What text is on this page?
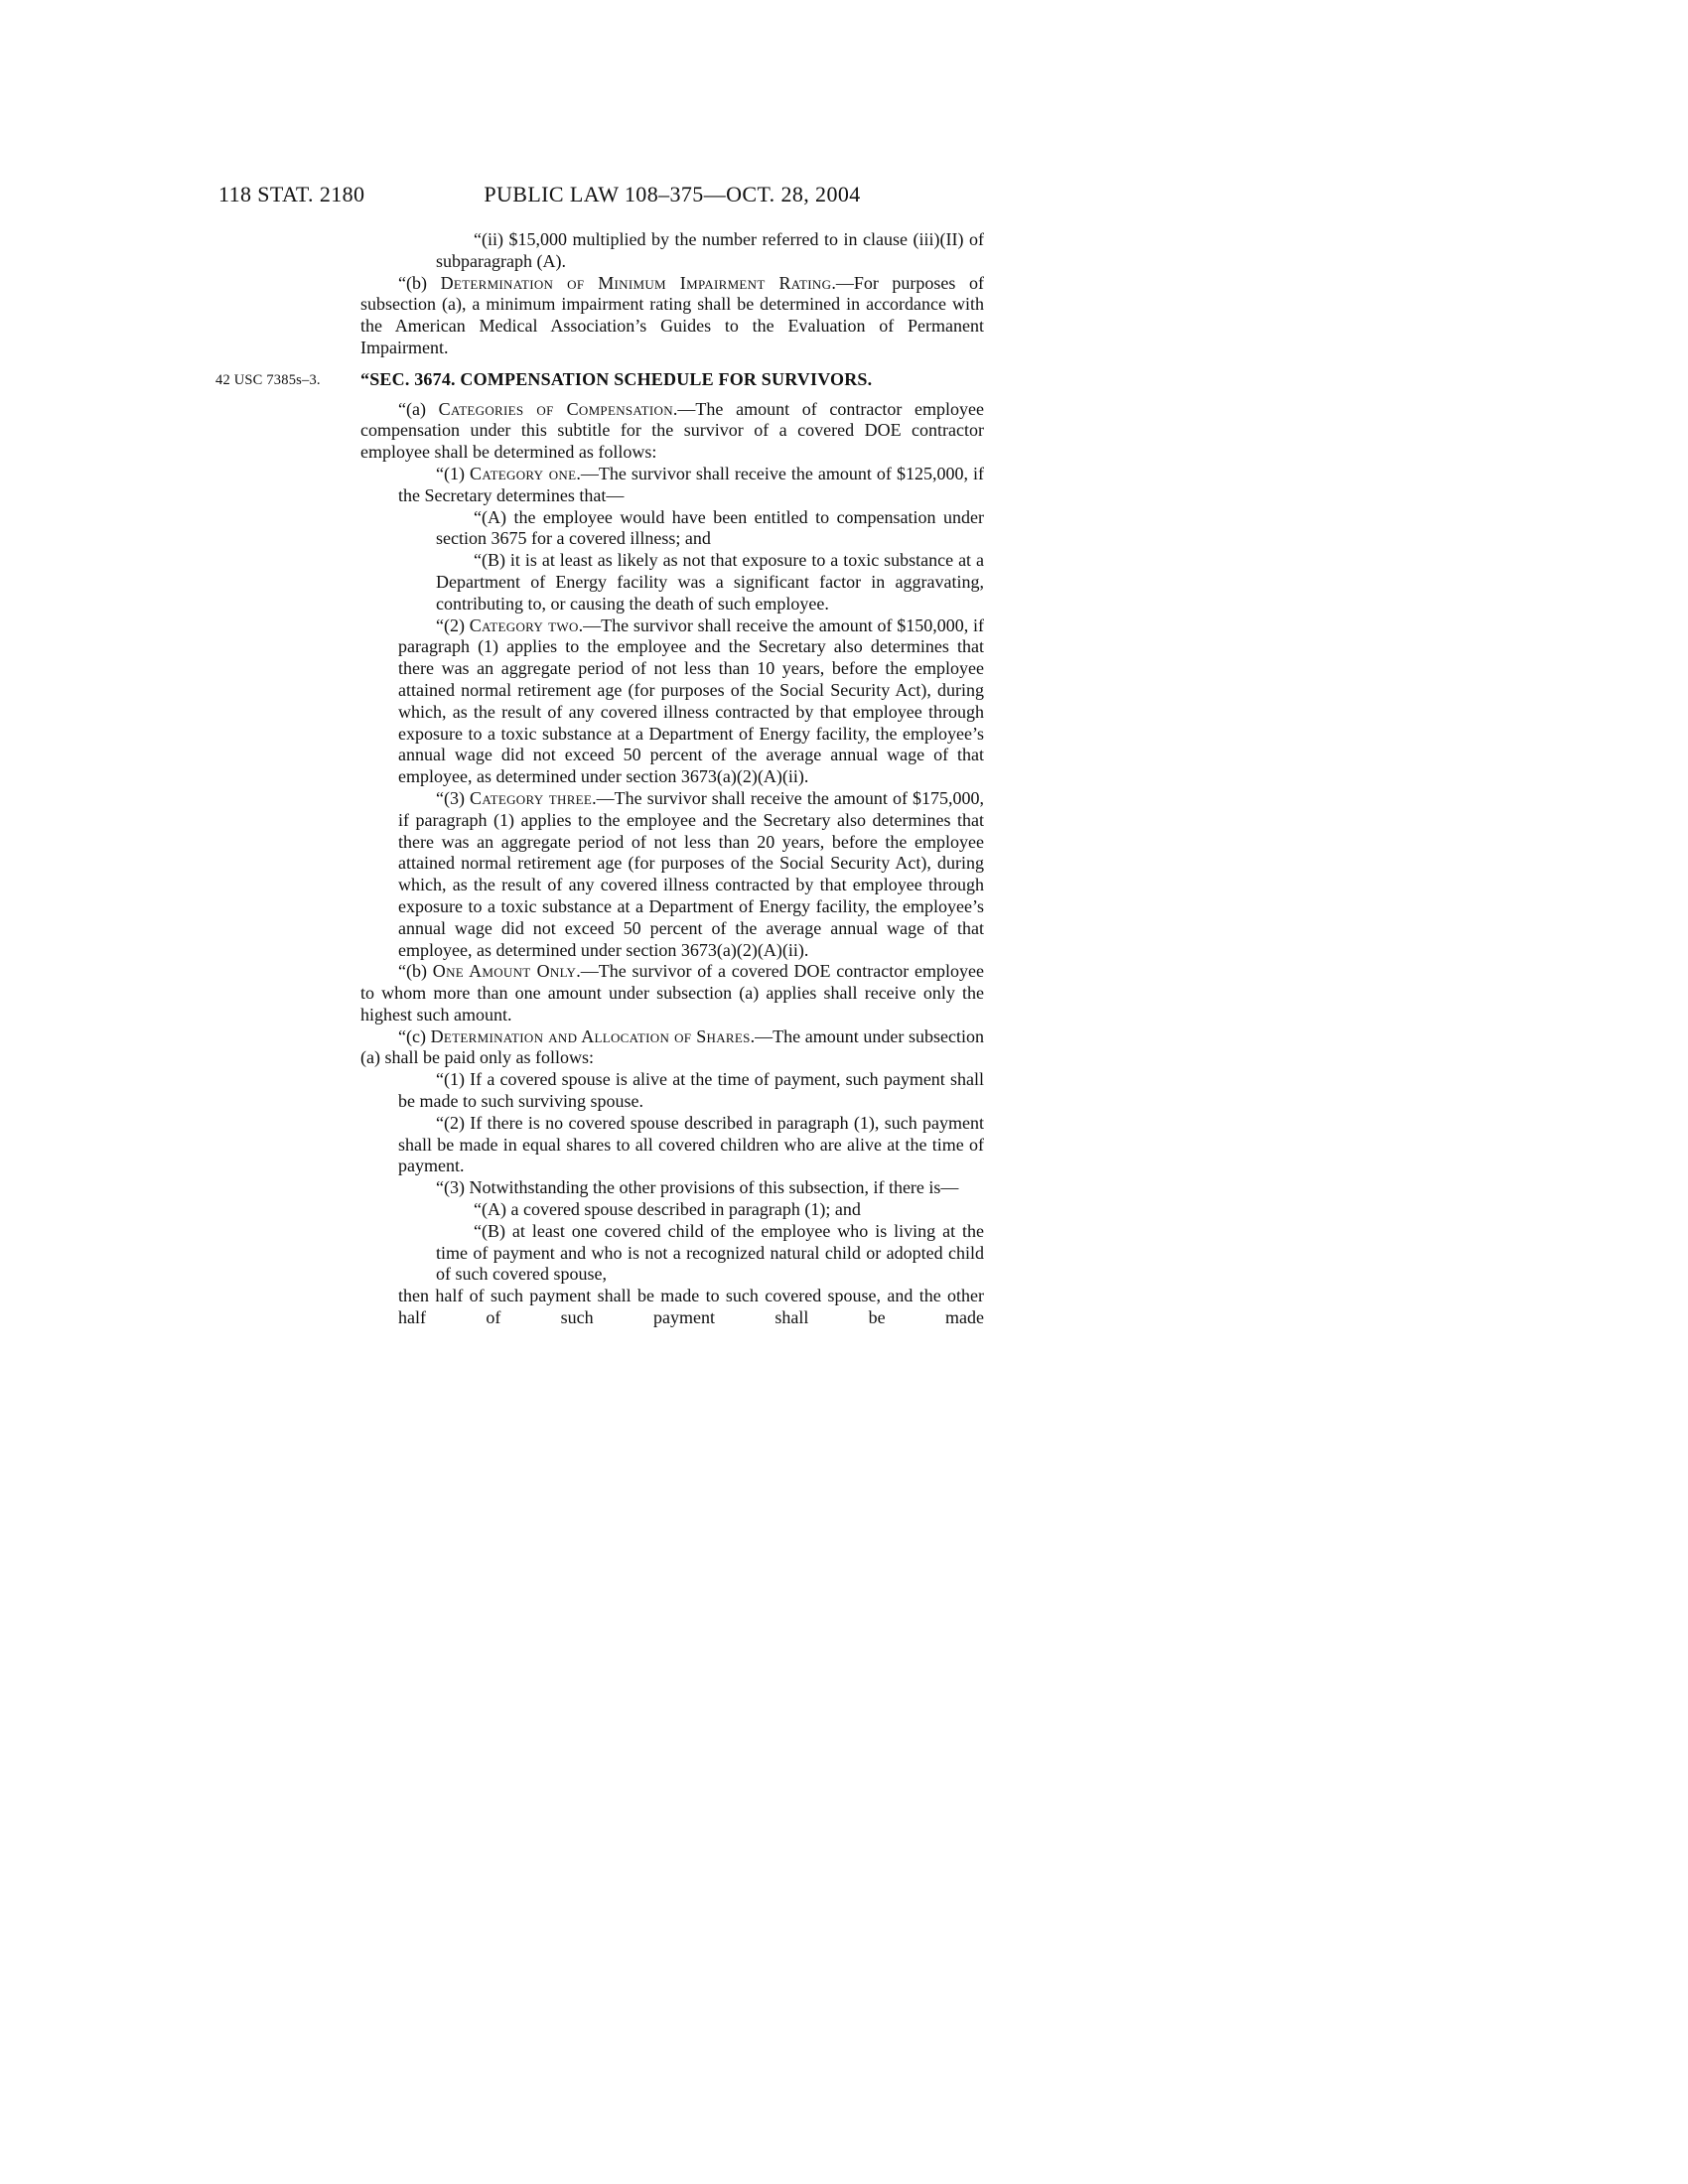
118 STAT. 2180	PUBLIC LAW 108–375—OCT. 28, 2004

“(ii) $15,000 multiplied by the number referred to in clause (iii)(II) of subparagraph (A).

“(b) Determination of Minimum Impairment Rating.—For purposes of subsection (a), a minimum impairment rating shall be determined in accordance with the American Medical Association’s Guides to the Evaluation of Permanent Impairment.

42 USC 7385s–3.	“SEC. 3674. COMPENSATION SCHEDULE FOR SURVIVORS.

“(a) Categories of Compensation.—The amount of contractor employee compensation under this subtitle for the survivor of a covered DOE contractor employee shall be determined as follows:

“(1) Category one.—The survivor shall receive the amount of $125,000, if the Secretary determines that—

“(A) the employee would have been entitled to compensation under section 3675 for a covered illness; and

“(B) it is at least as likely as not that exposure to a toxic substance at a Department of Energy facility was a significant factor in aggravating, contributing to, or causing the death of such employee.

“(2) Category two.—The survivor shall receive the amount of $150,000, if paragraph (1) applies to the employee and the Secretary also determines that there was an aggregate period of not less than 10 years, before the employee attained normal retirement age (for purposes of the Social Security Act), during which, as the result of any covered illness contracted by that employee through exposure to a toxic substance at a Department of Energy facility, the employee’s annual wage did not exceed 50 percent of the average annual wage of that employee, as determined under section 3673(a)(2)(A)(ii).

“(3) Category three.—The survivor shall receive the amount of $175,000, if paragraph (1) applies to the employee and the Secretary also determines that there was an aggregate period of not less than 20 years, before the employee attained normal retirement age (for purposes of the Social Security Act), during which, as the result of any covered illness contracted by that employee through exposure to a toxic substance at a Department of Energy facility, the employee’s annual wage did not exceed 50 percent of the average annual wage of that employee, as determined under section 3673(a)(2)(A)(ii).

“(b) One Amount Only.—The survivor of a covered DOE contractor employee to whom more than one amount under subsection (a) applies shall receive only the highest such amount.

“(c) Determination and Allocation of Shares.—The amount under subsection (a) shall be paid only as follows:

“(1) If a covered spouse is alive at the time of payment, such payment shall be made to such surviving spouse.

“(2) If there is no covered spouse described in paragraph (1), such payment shall be made in equal shares to all covered children who are alive at the time of payment.

“(3) Notwithstanding the other provisions of this subsection, if there is—

“(A) a covered spouse described in paragraph (1); and

“(B) at least one covered child of the employee who is living at the time of payment and who is not a recognized natural child or adopted child of such covered spouse,

then half of such payment shall be made to such covered spouse, and the other half of such payment shall be made
